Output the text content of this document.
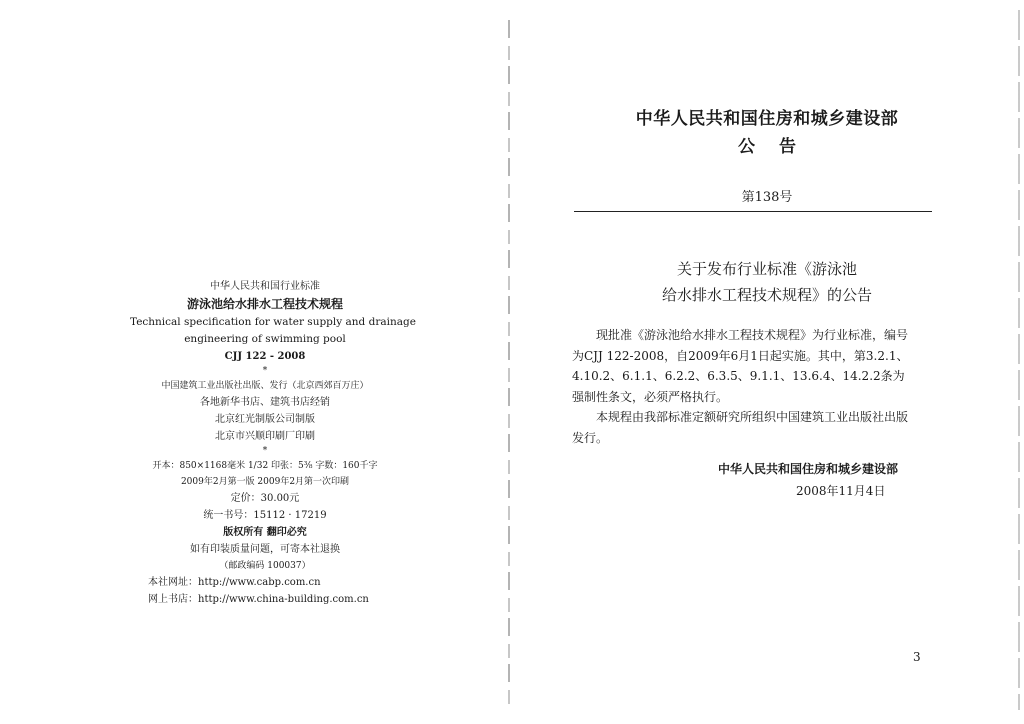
中华人民共和国行业标准
游泳池给水排水工程技术规程
Technical specification for water supply and drainage
engineering of swimming pool
CJJ 122 - 2008
*
中国建筑工业出版社出版、发行（北京西郊百万庄）
各地新华书店、建筑书店经销
北京红光制版公司制版
北京市兴顺印刷厂印刷
*
开本：850×1168毫米 1/32 印张：5⅜ 字数：160千字
2009年2月第一版 2009年2月第一次印刷
定价：30.00元
统一书号：15112 · 17219
版权所有 翻印必究
如有印装质量问题，可寄本社退换
（邮政编码 100037）
本社网址：http://www.cabp.com.cn
网上书店：http://www.china-building.com.cn
中华人民共和国住房和城乡建设部
公告
第138号
关于发布行业标准《游泳池
给水排水工程技术规程》的公告

现批准《游泳池给水排水工程技术规程》为行业标准，编号

为CJJ 122-2008，自2009年6月1日起实施。其中，第3.2.1、

4.10.2、6.1.1、6.2.2、6.3.5、9.1.1、13.6.4、14.2.2条为

强制性条文，必须严格执行。

本规程由我部标准定额研究所组织中国建筑工业出版社出版

发行。

中华人民共和国住房和城乡建设部
2008年11月4日
3
